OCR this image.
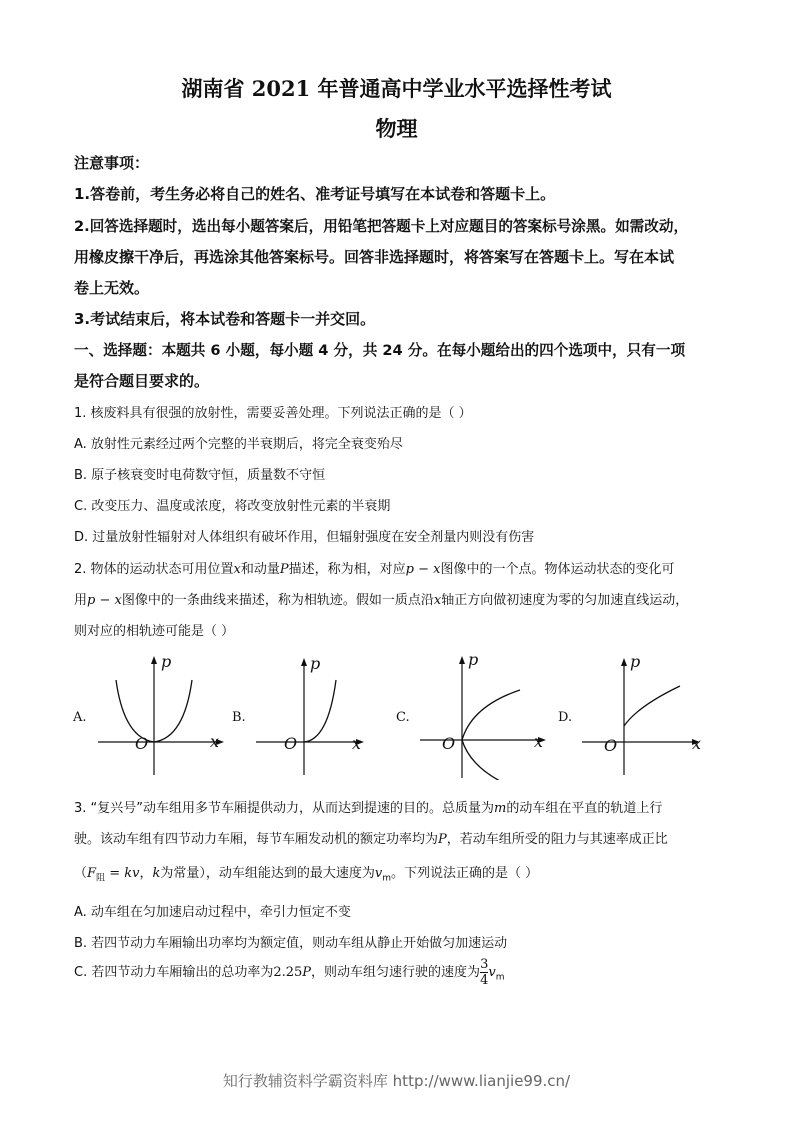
湖南省 2021 年普通高中学业水平选择性考试
物理
注意事项：
1.答卷前，考生务必将自己的姓名、准考证号填写在本试卷和答题卡上。
2.回答选择题时，选出每小题答案后，用铅笔把答题卡上对应题目的答案标号涂黑。如需改动，
用橡皮擦干净后，再选涂其他答案标号。回答非选择题时，将答案写在答题卡上。写在本试
卷上无效。
3.考试结束后，将本试卷和答题卡一并交回。
一、选择题：本题共 6 小题，每小题 4 分，共 24 分。在每小题给出的四个选项中，只有一项
是符合题目要求的。
1. 核废料具有很强的放射性，需要妥善处理。下列说法正确的是（ ）
A. 放射性元素经过两个完整的半衰期后，将完全衰变殆尽
B. 原子核衰变时电荷数守恒，质量数不守恒
C. 改变压力、温度或浓度，将改变放射性元素的半衰期
D. 过量放射性辐射对人体组织有破坏作用，但辐射强度在安全剂量内则没有伤害
2. 物体的运动状态可用位置x和动量P描述，称为相，对应p − x图像中的一个点。物体运动状态的变化可
用p − x图像中的一条曲线来描述，称为相轨迹。假如一质点沿x轴正方向做初速度为零的匀加速直线运动，
则对应的相轨迹可能是（ ）
A.
p
O	x
B.
p
O	x
C.
p
O	x
D.
p
O	x
3. “复兴号”动车组用多节车厢提供动力，从而达到提速的目的。总质量为m的动车组在平直的轨道上行
驶。该动车组有四节动力车厢，每节车厢发动机的额定功率均为P，若动车组所受的阻力与其速率成正比
（$F_阻$ = kv，k为常量），动车组能达到的最大速度为$v_m$。下列说法正确的是（ ）
A. 动车组在匀加速启动过程中，牵引力恒定不变
B. 若四节动力车厢输出功率均为额定值，则动车组从静止开始做匀加速运动
C. 若四节动力车厢输出的总功率为2.25P，则动车组匀速行驶的速度为 $\frac{3}{4} v_m$
知行教辅资料学霸资料库 http://www.lianjie99.cn/
